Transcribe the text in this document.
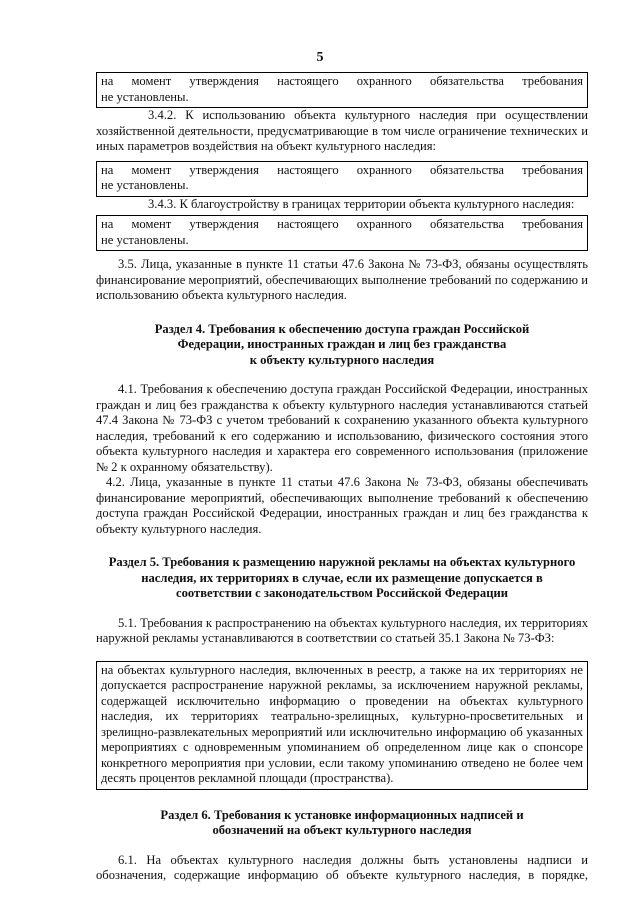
5
на момент утверждения настоящего охранного обязательства требования
не установлены.

3.4.2. К использованию объекта культурного наследия при осуществлении хозяйственной деятельности, предусматривающие в том числе ограничение технических и иных параметров воздействия на объект культурного наследия:

на момент утверждения настоящего охранного обязательства требования
не установлены.

3.4.3. К благоустройству в границах территории объекта культурного наследия:

на момент утверждения настоящего охранного обязательства требования
не установлены.

3.5. Лица, указанные в пункте 11 статьи 47.6 Закона № 73-ФЗ, обязаны осуществлять финансирование мероприятий, обеспечивающих выполнение требований по содержанию и использованию объекта культурного наследия.

Раздел 4. Требования к обеспечению доступа граждан Российской
Федерации, иностранных граждан и лиц без гражданства
к объекту культурного наследия

4.1. Требования к обеспечению доступа граждан Российской Федерации, иностранных граждан и лиц без гражданства к объекту культурного наследия устанавливаются статьей 47.4 Закона № 73-ФЗ с учетом требований к сохранению указанного объекта культурного наследия, требований к его содержанию и использованию, физического состояния этого объекта культурного наследия и характера его современного использования (приложение № 2 к охранному обязательству).

4.2. Лица, указанные в пункте 11 статьи 47.6 Закона № 73-ФЗ, обязаны обеспечивать финансирование мероприятий, обеспечивающих выполнение требований к обеспечению доступа граждан Российской Федерации, иностранных граждан и лиц без гражданства к объекту культурного наследия.

Раздел 5. Требования к размещению наружной рекламы на объектах культурного
наследия, их территориях в случае, если их размещение допускается в
соответствии с законодательством Российской Федерации

5.1. Требования к распространению на объектах культурного наследия, их территориях наружной рекламы устанавливаются в соответствии со статьей 35.1 Закона № 73-ФЗ:

на объектах культурного наследия, включенных в реестр, а также на их территориях не допускается распространение наружной рекламы, за исключением наружной рекламы, содержащей исключительно информацию о проведении на объектах культурного наследия, их территориях театрально-зрелищных, культурно-просветительных и зрелищно-развлекательных мероприятий или исключительно информацию об указанных мероприятиях с одновременным упоминанием об определенном лице как о спонсоре конкретного мероприятия при условии, если такому упоминанию отведено не более чем десять процентов рекламной площади (пространства).
Раздел 6. Требования к установке информационных надписей и
обозначений на объект культурного наследия

6.1. На объектах культурного наследия должны быть установлены надписи и обозначения, содержащие информацию об объекте культурного наследия, в порядке,
